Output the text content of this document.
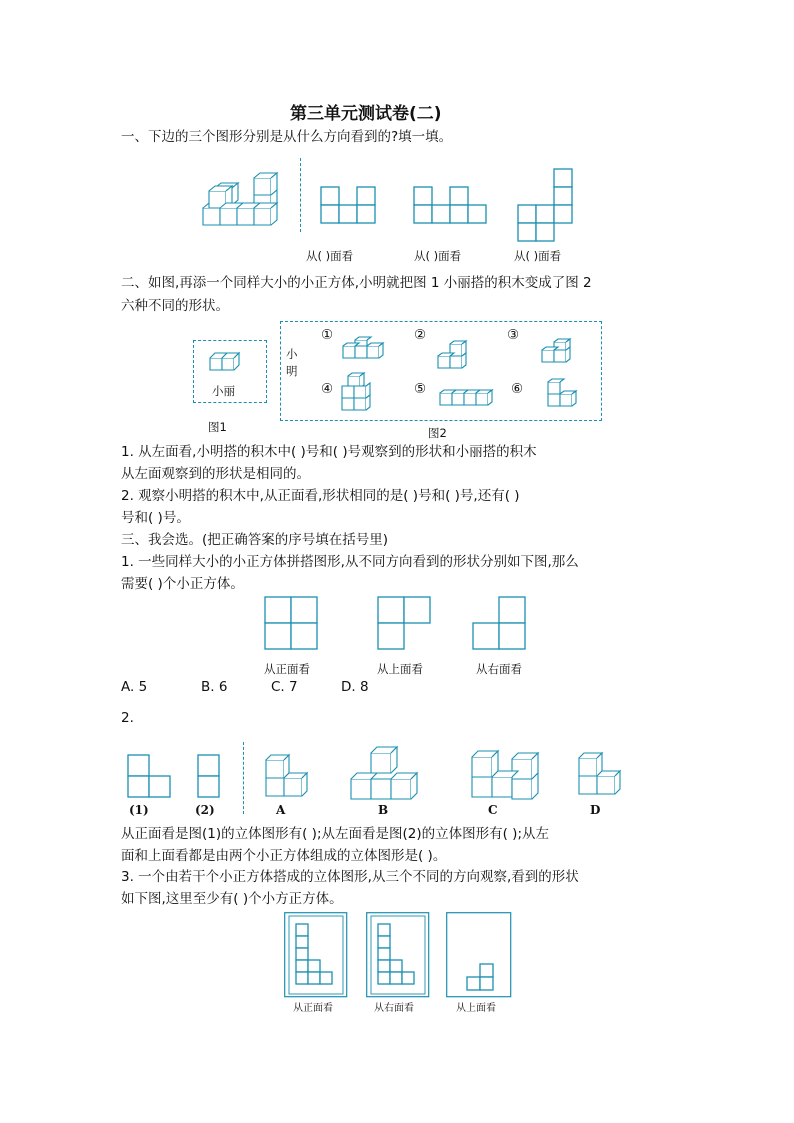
第三单元测试卷(二)
一、下边的三个图形分别是从什么方向看到的?填一填。
从( )面看	从( )面看	从( )面看
二、如图,再添一个同样大小的小正方体,小明就把图 1 小丽搭的积木变成了图 2
六种不同的形状。
小丽
图1
小
明
图2
①	②	③
④	⑤	⑥
1. 从左面看,小明搭的积木中( )号和( )号观察到的形状和小丽搭的积木
从左面观察到的形状是相同的。
2. 观察小明搭的积木中,从正面看,形状相同的是( )号和( )号,还有( )
号和( )号。
三、我会选。(把正确答案的序号填在括号里)
1. 一些同样大小的小正方体拼搭图形,从不同方向看到的形状分别如下图,那么
需要( )个小正方体。
从正面看	从上面看	从右面看
A. 5	B. 6	C. 7	D. 8
2.
(1)	(2)	A	B	C	D
从正面看是图(1)的立体图形有( );从左面看是图(2)的立体图形有( );从左
面和上面看都是由两个小正方体组成的立体图形是( )。
3. 一个由若干个小正方体搭成的立体图形,从三个不同的方向观察,看到的形状
如下图,这里至少有( )个小方正方体。
从正面看	从右面看	从上面看
